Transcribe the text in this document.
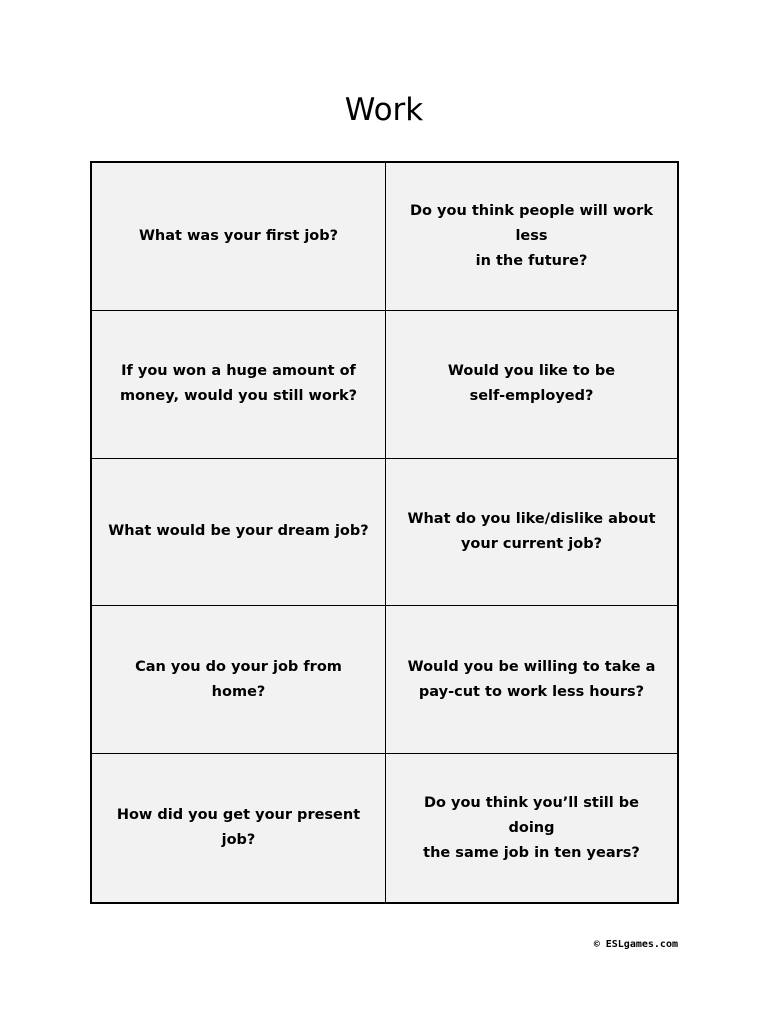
Work
What was your first job?
Do you think people will work less
in the future?
If you won a huge amount of
money, would you still work?
Would you like to be
self-employed?
What would be your dream job?
What do you like/dislike about
your current job?
Can you do your job from home?
Would you be willing to take a
pay-cut to work less hours?
How did you get your present job?
Do you think you’ll still be doing
the same job in ten years?
© ESLgames.com
